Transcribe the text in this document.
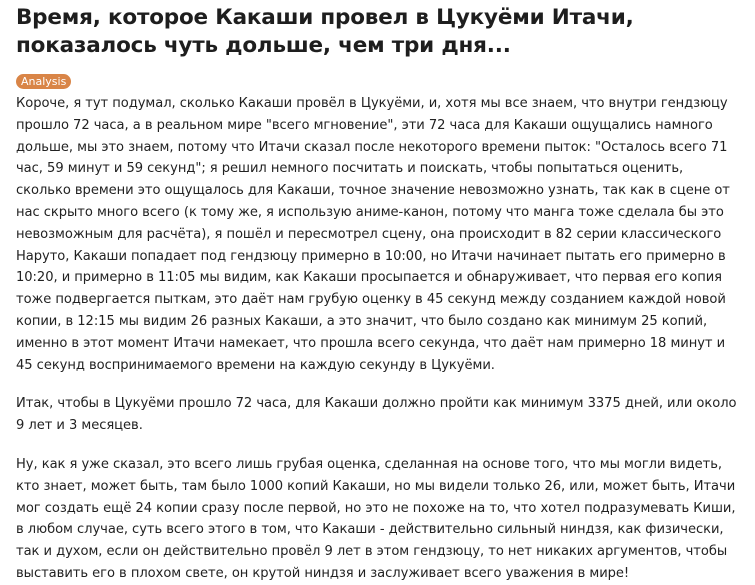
Время, которое Какаши провел в Цукуёми Итачи, показалось чуть дольше, чем три дня...
Analysis

Короче, я тут подумал, сколько Какаши провёл в Цукуёми, и, хотя мы все знаем, что внутри гендзюцу прошло 72 часа, а в реальном мире "всего мгновение", эти 72 часа для Какаши ощущались намного дольше, мы это знаем, потому что Итачи сказал после некоторого времени пыток: "Осталось всего 71 час, 59 минут и 59 секунд"; я решил немного посчитать и поискать, чтобы попытаться оценить, сколько времени это ощущалось для Какаши, точное значение невозможно узнать, так как в сцене от нас скрыто много всего (к тому же, я использую аниме-канон, потому что манга тоже сделала бы это невозможным для расчёта), я пошёл и пересмотрел сцену, она происходит в 82 серии классического Наруто, Какаши попадает под гендзюцу примерно в 10:00, но Итачи начинает пытать его примерно в 10:20, и примерно в 11:05 мы видим, как Какаши просыпается и обнаруживает, что первая его копия тоже подвергается пыткам, это даёт нам грубую оценку в 45 секунд между созданием каждой новой копии, в 12:15 мы видим 26 разных Какаши, а это значит, что было создано как минимум 25 копий, именно в этот момент Итачи намекает, что прошла всего секунда, что даёт нам примерно 18 минут и 45 секунд воспринимаемого времени на каждую секунду в Цукуёми.

Итак, чтобы в Цукуёми прошло 72 часа, для Какаши должно пройти как минимум 3375 дней, или около 9 лет и 3 месяцев.

Ну, как я уже сказал, это всего лишь грубая оценка, сделанная на основе того, что мы могли видеть, кто знает, может быть, там было 1000 копий Какаши, но мы видели только 26, или, может быть, Итачи мог создать ещё 24 копии сразу после первой, но это не похоже на то, что хотел подразумевать Киши, в любом случае, суть всего этого в том, что Какаши - действительно сильный ниндзя, как физически, так и духом, если он действительно провёл 9 лет в этом гендзюцу, то нет никаких аргументов, чтобы выставить его в плохом свете, он крутой ниндзя и заслуживает всего уважения в мире!
